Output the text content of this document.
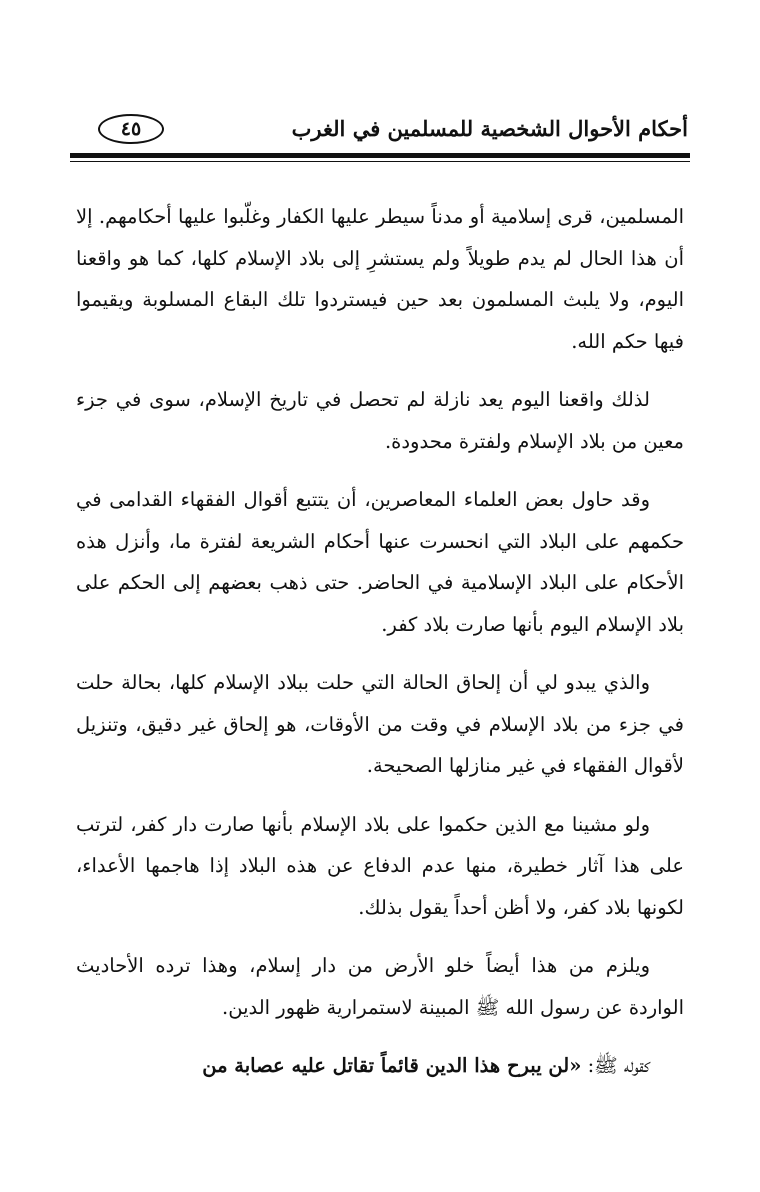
أحكام الأحوال الشخصية للمسلمين في الغرب
٤٥

المسلمين، قرى إسلامية أو مدناً سيطر عليها الكفار وغلّبوا عليها أحكامهم. إلا أن هذا الحال لم يدم طويلاً ولم يستشرِ إلى بلاد الإسلام كلها، كما هو واقعنا اليوم، ولا يلبث المسلمون بعد حين فيستردوا تلك البقاع المسلوبة ويقيموا فيها حكم الله.

لذلك واقعنا اليوم يعد نازلة لم تحصل في تاريخ الإسلام، سوى في جزء معين من بلاد الإسلام ولفترة محدودة.

وقد حاول بعض العلماء المعاصرين، أن يتتبع أقوال الفقهاء القدامى في حكمهم على البلاد التي انحسرت عنها أحكام الشريعة لفترة ما، وأنزل هذه الأحكام على البلاد الإسلامية في الحاضر. حتى ذهب بعضهم إلى الحكم على بلاد الإسلام اليوم بأنها صارت بلاد كفر.

والذي يبدو لي أن إلحاق الحالة التي حلت ببلاد الإسلام كلها، بحالة حلت في جزء من بلاد الإسلام في وقت من الأوقات، هو إلحاق غير دقيق، وتنزيل لأقوال الفقهاء في غير منازلها الصحيحة.

ولو مشينا مع الذين حكموا على بلاد الإسلام بأنها صارت دار كفر، لترتب على هذا آثار خطيرة، منها عدم الدفاع عن هذه البلاد إذا هاجمها الأعداء، لكونها بلاد كفر، ولا أظن أحداً يقول بذلك.

ويلزم من هذا أيضاً خلو الأرض من دار إسلام، وهذا ترده الأحاديث الواردة عن رسول الله ﷺ المبينة لاستمرارية ظهور الدين.

كقوله ﷺ: «لن يبرح هذا الدين قائماً تقاتل عليه عصابة من
